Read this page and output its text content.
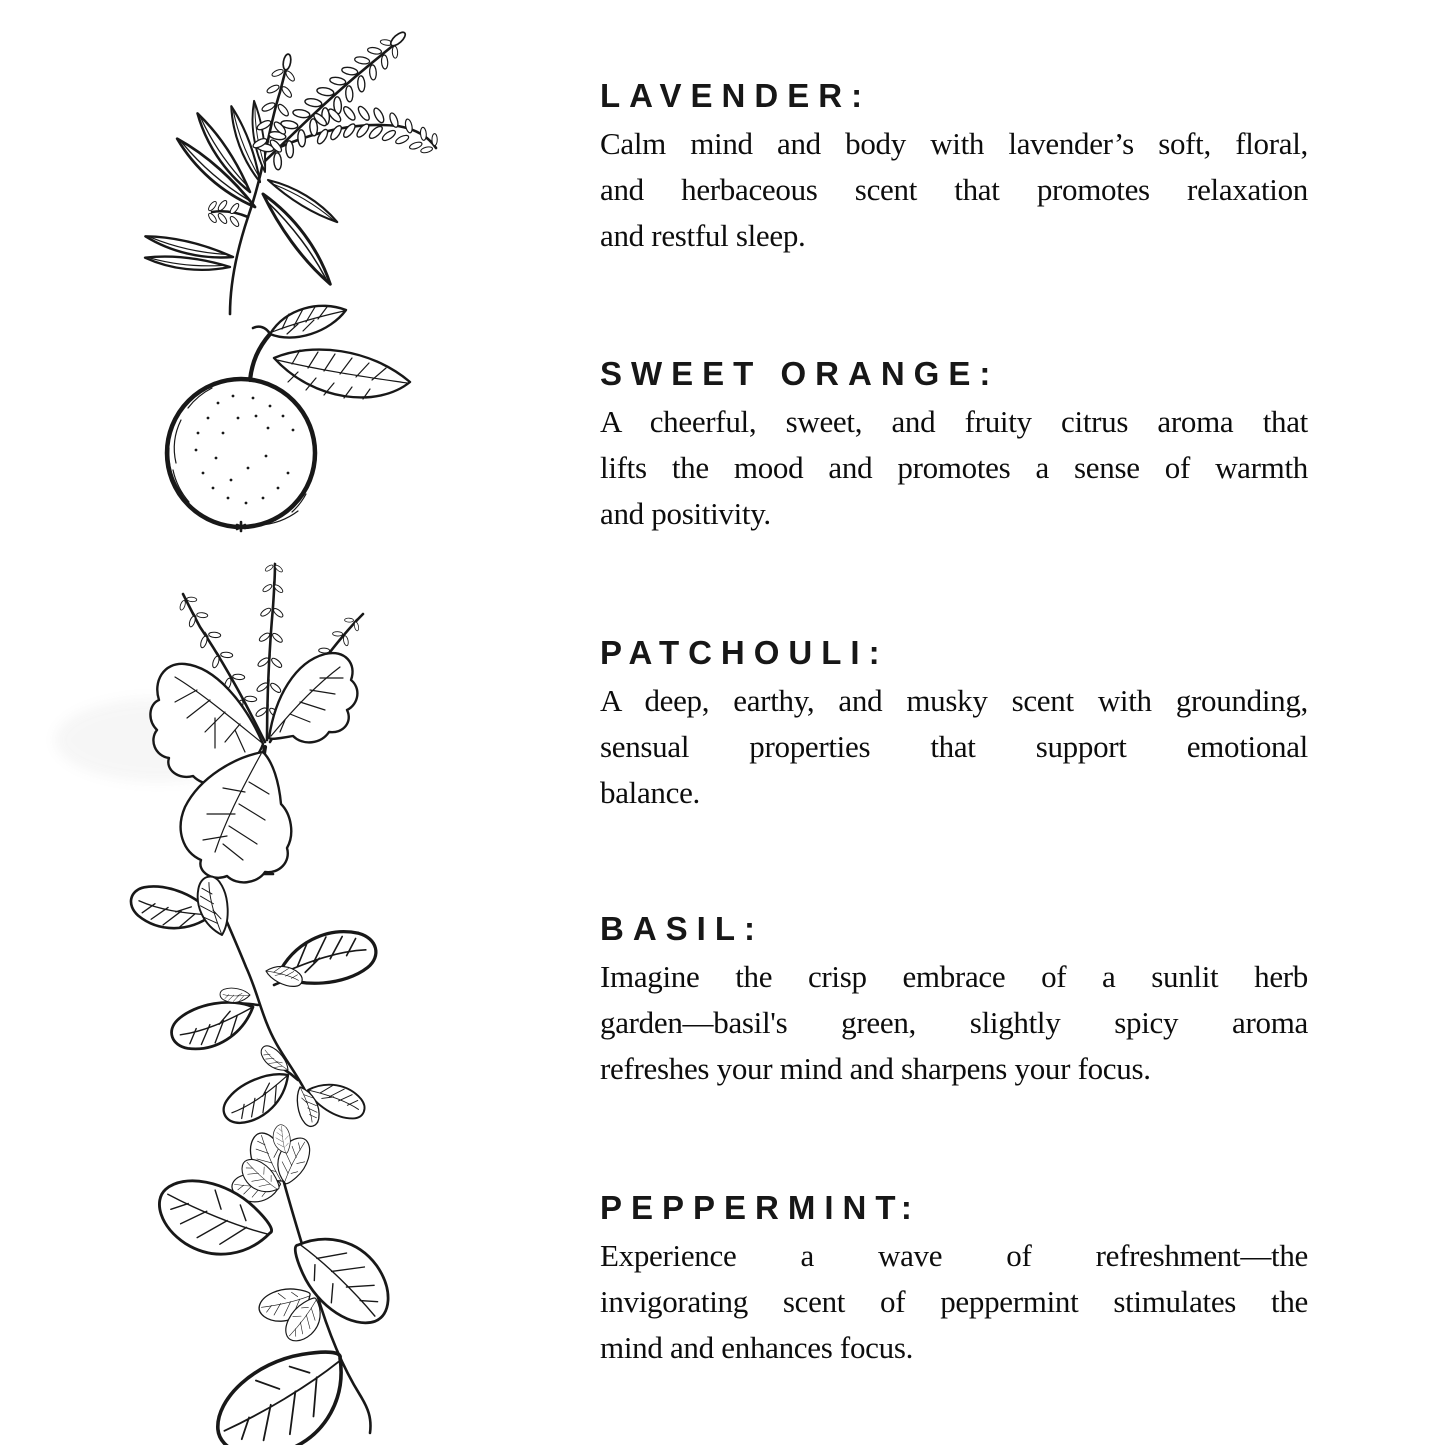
LAVENDER:
Calm mind and body with lavender’s soft, floral,
and herbaceous scent that promotes relaxation
and restful sleep.
SWEET ORANGE:
A cheerful, sweet, and fruity citrus aroma that
lifts the mood and promotes a sense of warmth
and positivity.
PATCHOULI:
A deep, earthy, and musky scent with grounding,
sensual properties that support emotional
balance.
BASIL:
Imagine the crisp embrace of a sunlit herb
garden—basil's green, slightly spicy aroma
refreshes your mind and sharpens your focus.
PEPPERMINT:
Experience a wave of refreshment—the
invigorating scent of peppermint stimulates the
mind and enhances focus.
